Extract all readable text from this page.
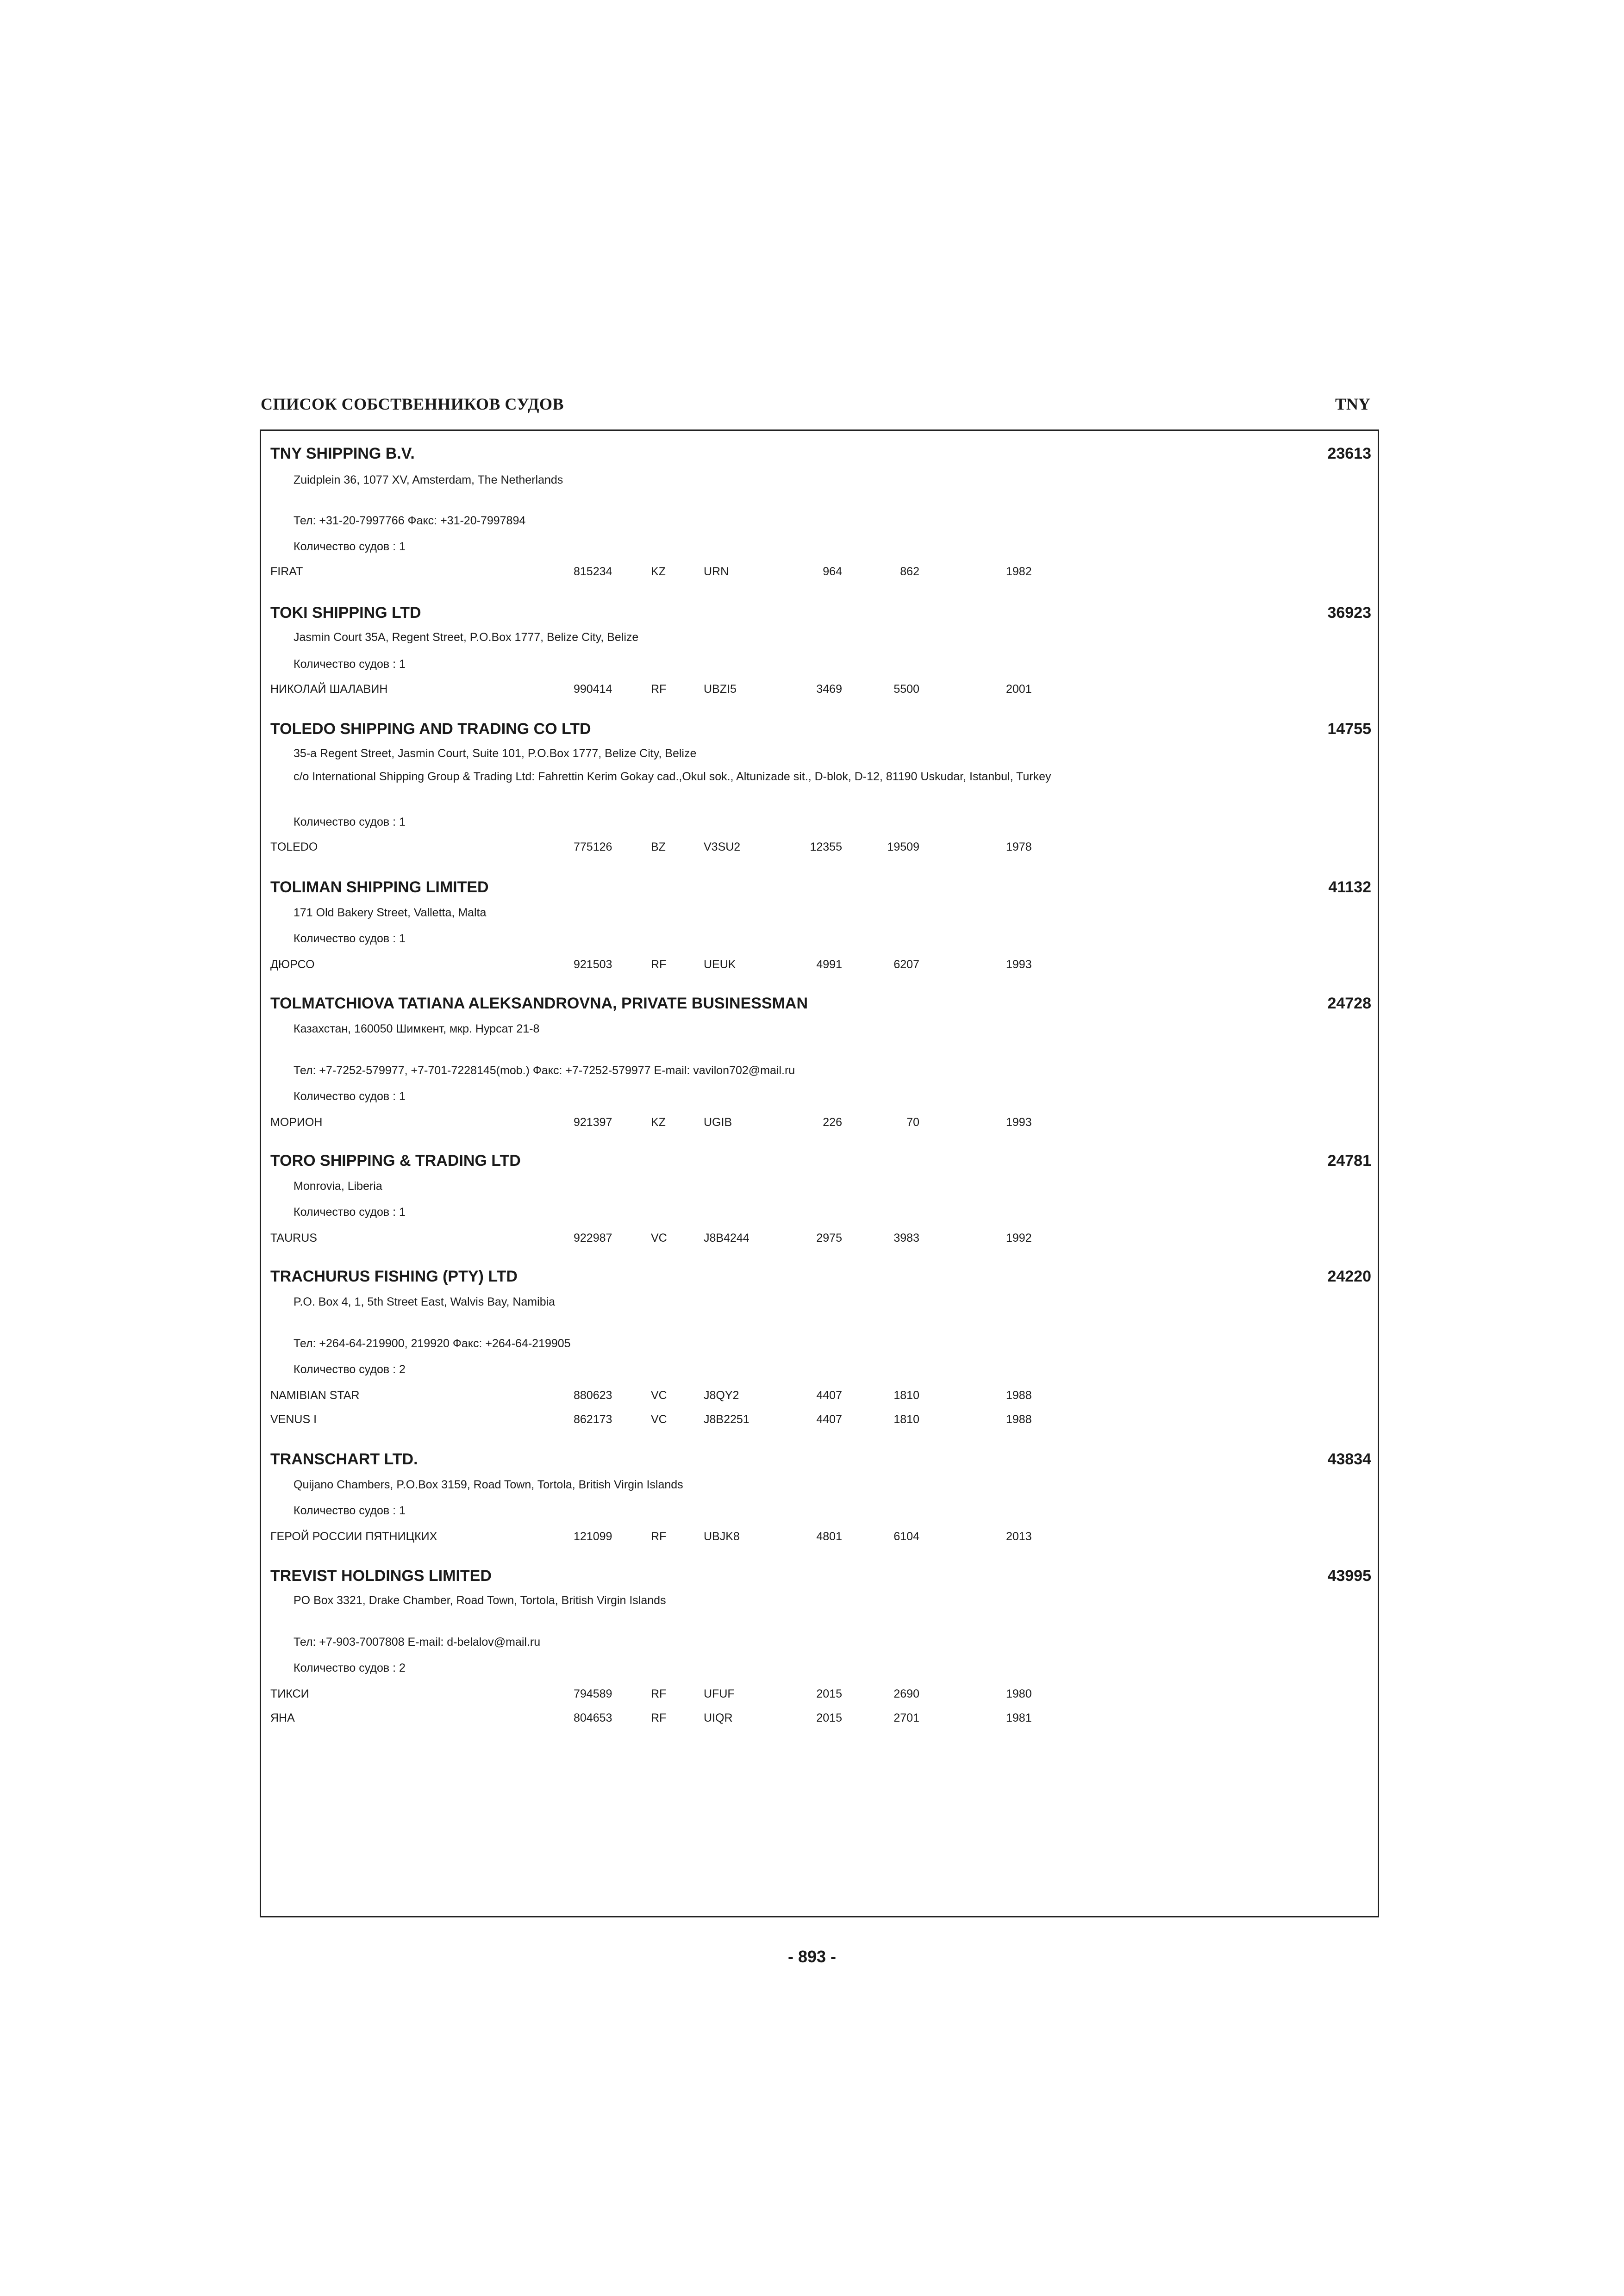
СПИСОК СОБСТВЕННИКОВ СУДОВ	TNY
TNY SHIPPING B.V.	23613
Zuidplein 36, 1077 XV, Amsterdam, The Netherlands
Тел: +31-20-7997766 Факс: +31-20-7997894
Количество судов : 1
FIRAT	815234	KZ	URN	964	862	1982
TOKI SHIPPING LTD	36923
Jasmin Court 35A, Regent Street, P.O.Box 1777, Belize City, Belize
Количество судов : 1
НИКОЛАЙ ШАЛАВИН	990414	RF	UBZI5	3469	5500	2001
TOLEDO SHIPPING AND TRADING CO LTD	14755
35-a Regent Street, Jasmin Court, Suite 101, P.O.Box 1777, Belize City, Belize
c/o International Shipping Group & Trading Ltd: Fahrettin Kerim Gokay cad.,Okul sok., Altunizade sit., D-blok, D-12, 81190 Uskudar, Istanbul, Turkey
Количество судов : 1
TOLEDO	775126	BZ	V3SU2	12355	19509	1978
TOLIMAN SHIPPING LIMITED	41132
171 Old Bakery Street, Valletta, Malta
Количество судов : 1
ДЮРСО	921503	RF	UEUK	4991	6207	1993
TOLMATCHIOVA TATIANA ALEKSANDROVNA, PRIVATE BUSINESSMAN	24728
Казахстан, 160050 Шимкент, мкр. Нурсат 21-8
Тел: +7-7252-579977, +7-701-7228145(mob.) Факс: +7-7252-579977 E-mail: vavilon702@mail.ru
Количество судов : 1
МОРИОН	921397	KZ	UGIB	226	70	1993
TORO SHIPPING & TRADING LTD	24781
Monrovia, Liberia
Количество судов : 1
TAURUS	922987	VC	J8B4244	2975	3983	1992
TRACHURUS FISHING (PTY) LTD	24220
P.O. Box 4, 1, 5th Street East, Walvis Bay, Namibia
Тел: +264-64-219900, 219920 Факс: +264-64-219905
Количество судов : 2
NAMIBIAN STAR	880623	VC	J8QY2	4407	1810	1988
VENUS I	862173	VC	J8B2251	4407	1810	1988
TRANSCHART LTD.	43834
Quijano Chambers, P.O.Box 3159, Road Town, Tortola, British Virgin Islands
Количество судов : 1
ГЕРОЙ РОССИИ ПЯТНИЦКИХ	121099	RF	UBJK8	4801	6104	2013
TREVIST HOLDINGS LIMITED	43995
PO Box 3321, Drake Chamber, Road Town, Tortola, British Virgin Islands
Тел: +7-903-7007808 E-mail: d-belalov@mail.ru
Количество судов : 2
ТИКСИ	794589	RF	UFUF	2015	2690	1980
ЯНА	804653	RF	UIQR	2015	2701	1981
- 893 -
